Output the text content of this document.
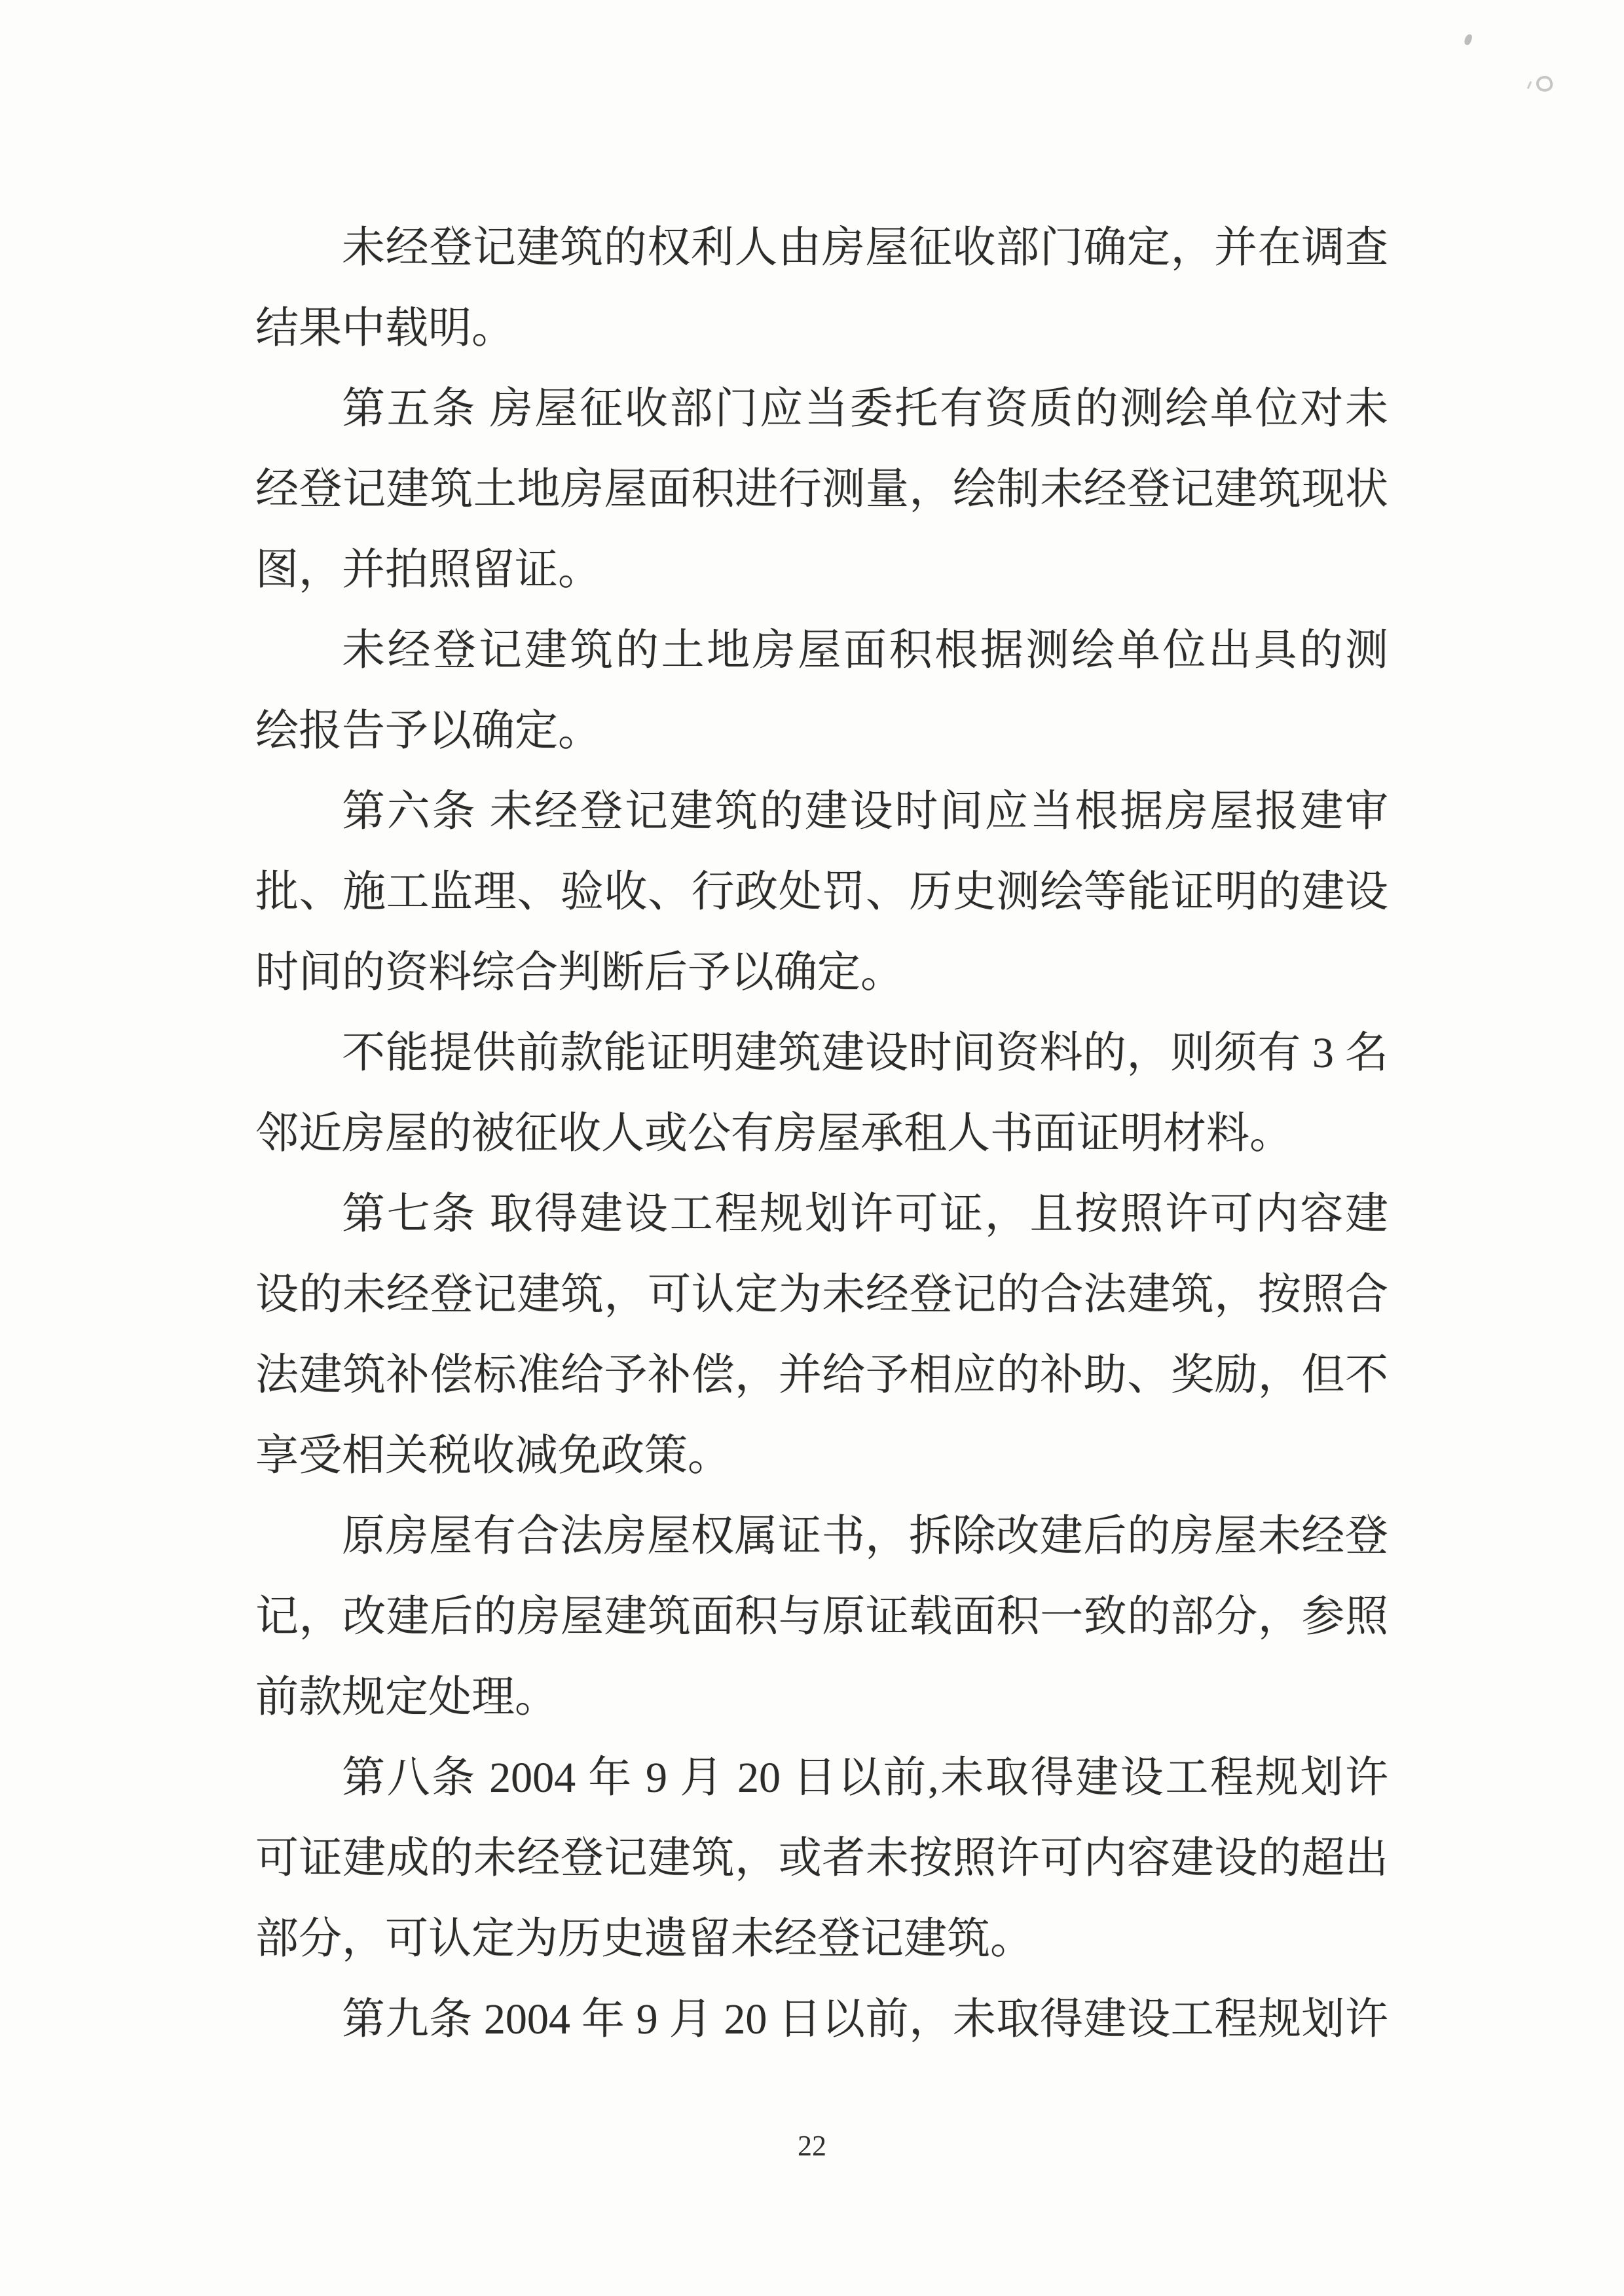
未经登记建筑的权利人由房屋征收部门确定，并在调查
结果中载明。
第五条 房屋征收部门应当委托有资质的测绘单位对未
经登记建筑土地房屋面积进行测量，绘制未经登记建筑现状
图，并拍照留证。
未经登记建筑的土地房屋面积根据测绘单位出具的测
绘报告予以确定。
第六条 未经登记建筑的建设时间应当根据房屋报建审
批、施工监理、验收、行政处罚、历史测绘等能证明的建设
时间的资料综合判断后予以确定。
不能提供前款能证明建筑建设时间资料的，则须有 3 名
邻近房屋的被征收人或公有房屋承租人书面证明材料。
第七条 取得建设工程规划许可证，且按照许可内容建
设的未经登记建筑，可认定为未经登记的合法建筑，按照合
法建筑补偿标准给予补偿，并给予相应的补助、奖励，但不
享受相关税收减免政策。
原房屋有合法房屋权属证书，拆除改建后的房屋未经登
记，改建后的房屋建筑面积与原证载面积一致的部分，参照
前款规定处理。
第八条 2004 年 9 月 20 日以前,未取得建设工程规划许
可证建成的未经登记建筑，或者未按照许可内容建设的超出
部分，可认定为历史遗留未经登记建筑。
第九条 2004 年 9 月 20 日以前，未取得建设工程规划许
22
